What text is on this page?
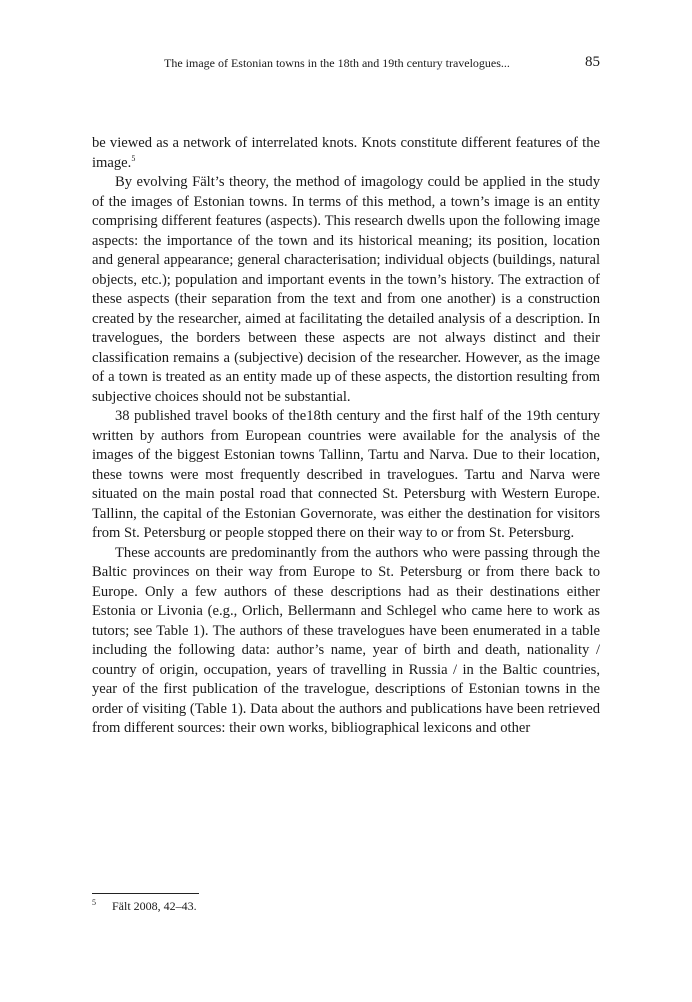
The image of Estonian towns in the 18th and 19th century travelogues...	85

be viewed as a network of interrelated knots. Knots constitute different features of the image.$^5$

By evolving Fält’s theory, the method of imagology could be applied in the study of the images of Estonian towns. In terms of this method, a town’s image is an entity comprising different features (aspects). This research dwells upon the following image aspects: the importance of the town and its historical meaning; its position, location and general appearance; general characterisation; individual objects (buildings, natural objects, etc.); population and important events in the town’s history. The extraction of these aspects (their separation from the text and from one another) is a construction created by the researcher, aimed at facilitating the detailed analysis of a description. In travelogues, the borders between these aspects are not always distinct and their classification remains a (subjective) decision of the researcher. However, as the image of a town is treated as an entity made up of these aspects, the distortion resulting from subjective choices should not be substantial.

38 published travel books of the18th century and the first half of the 19th century written by authors from European countries were available for the analysis of the images of the biggest Estonian towns Tallinn, Tartu and Narva. Due to their location, these towns were most frequently described in travelogues. Tartu and Narva were situated on the main postal road that connected St. Petersburg with Western Europe. Tallinn, the capital of the Estonian Governorate, was either the destination for visitors from St. Petersburg or people stopped there on their way to or from St. Petersburg.

These accounts are predominantly from the authors who were passing through the Baltic provinces on their way from Europe to St. Petersburg or from there back to Europe. Only a few authors of these descriptions had as their destinations either Estonia or Livonia (e.g., Orlich, Bellermann and Schlegel who came here to work as tutors; see Table 1). The authors of these travelogues have been enumerated in a table including the following data: author’s name, year of birth and death, nationality / country of origin, occupation, years of travelling in Russia / in the Baltic countries, year of the first publication of the travelogue, descriptions of Estonian towns in the order of visiting (Table 1). Data about the authors and publications have been retrieved from different sources: their own works, bibliographical lexicons and other

$^5$ Fält 2008, 42–43.
